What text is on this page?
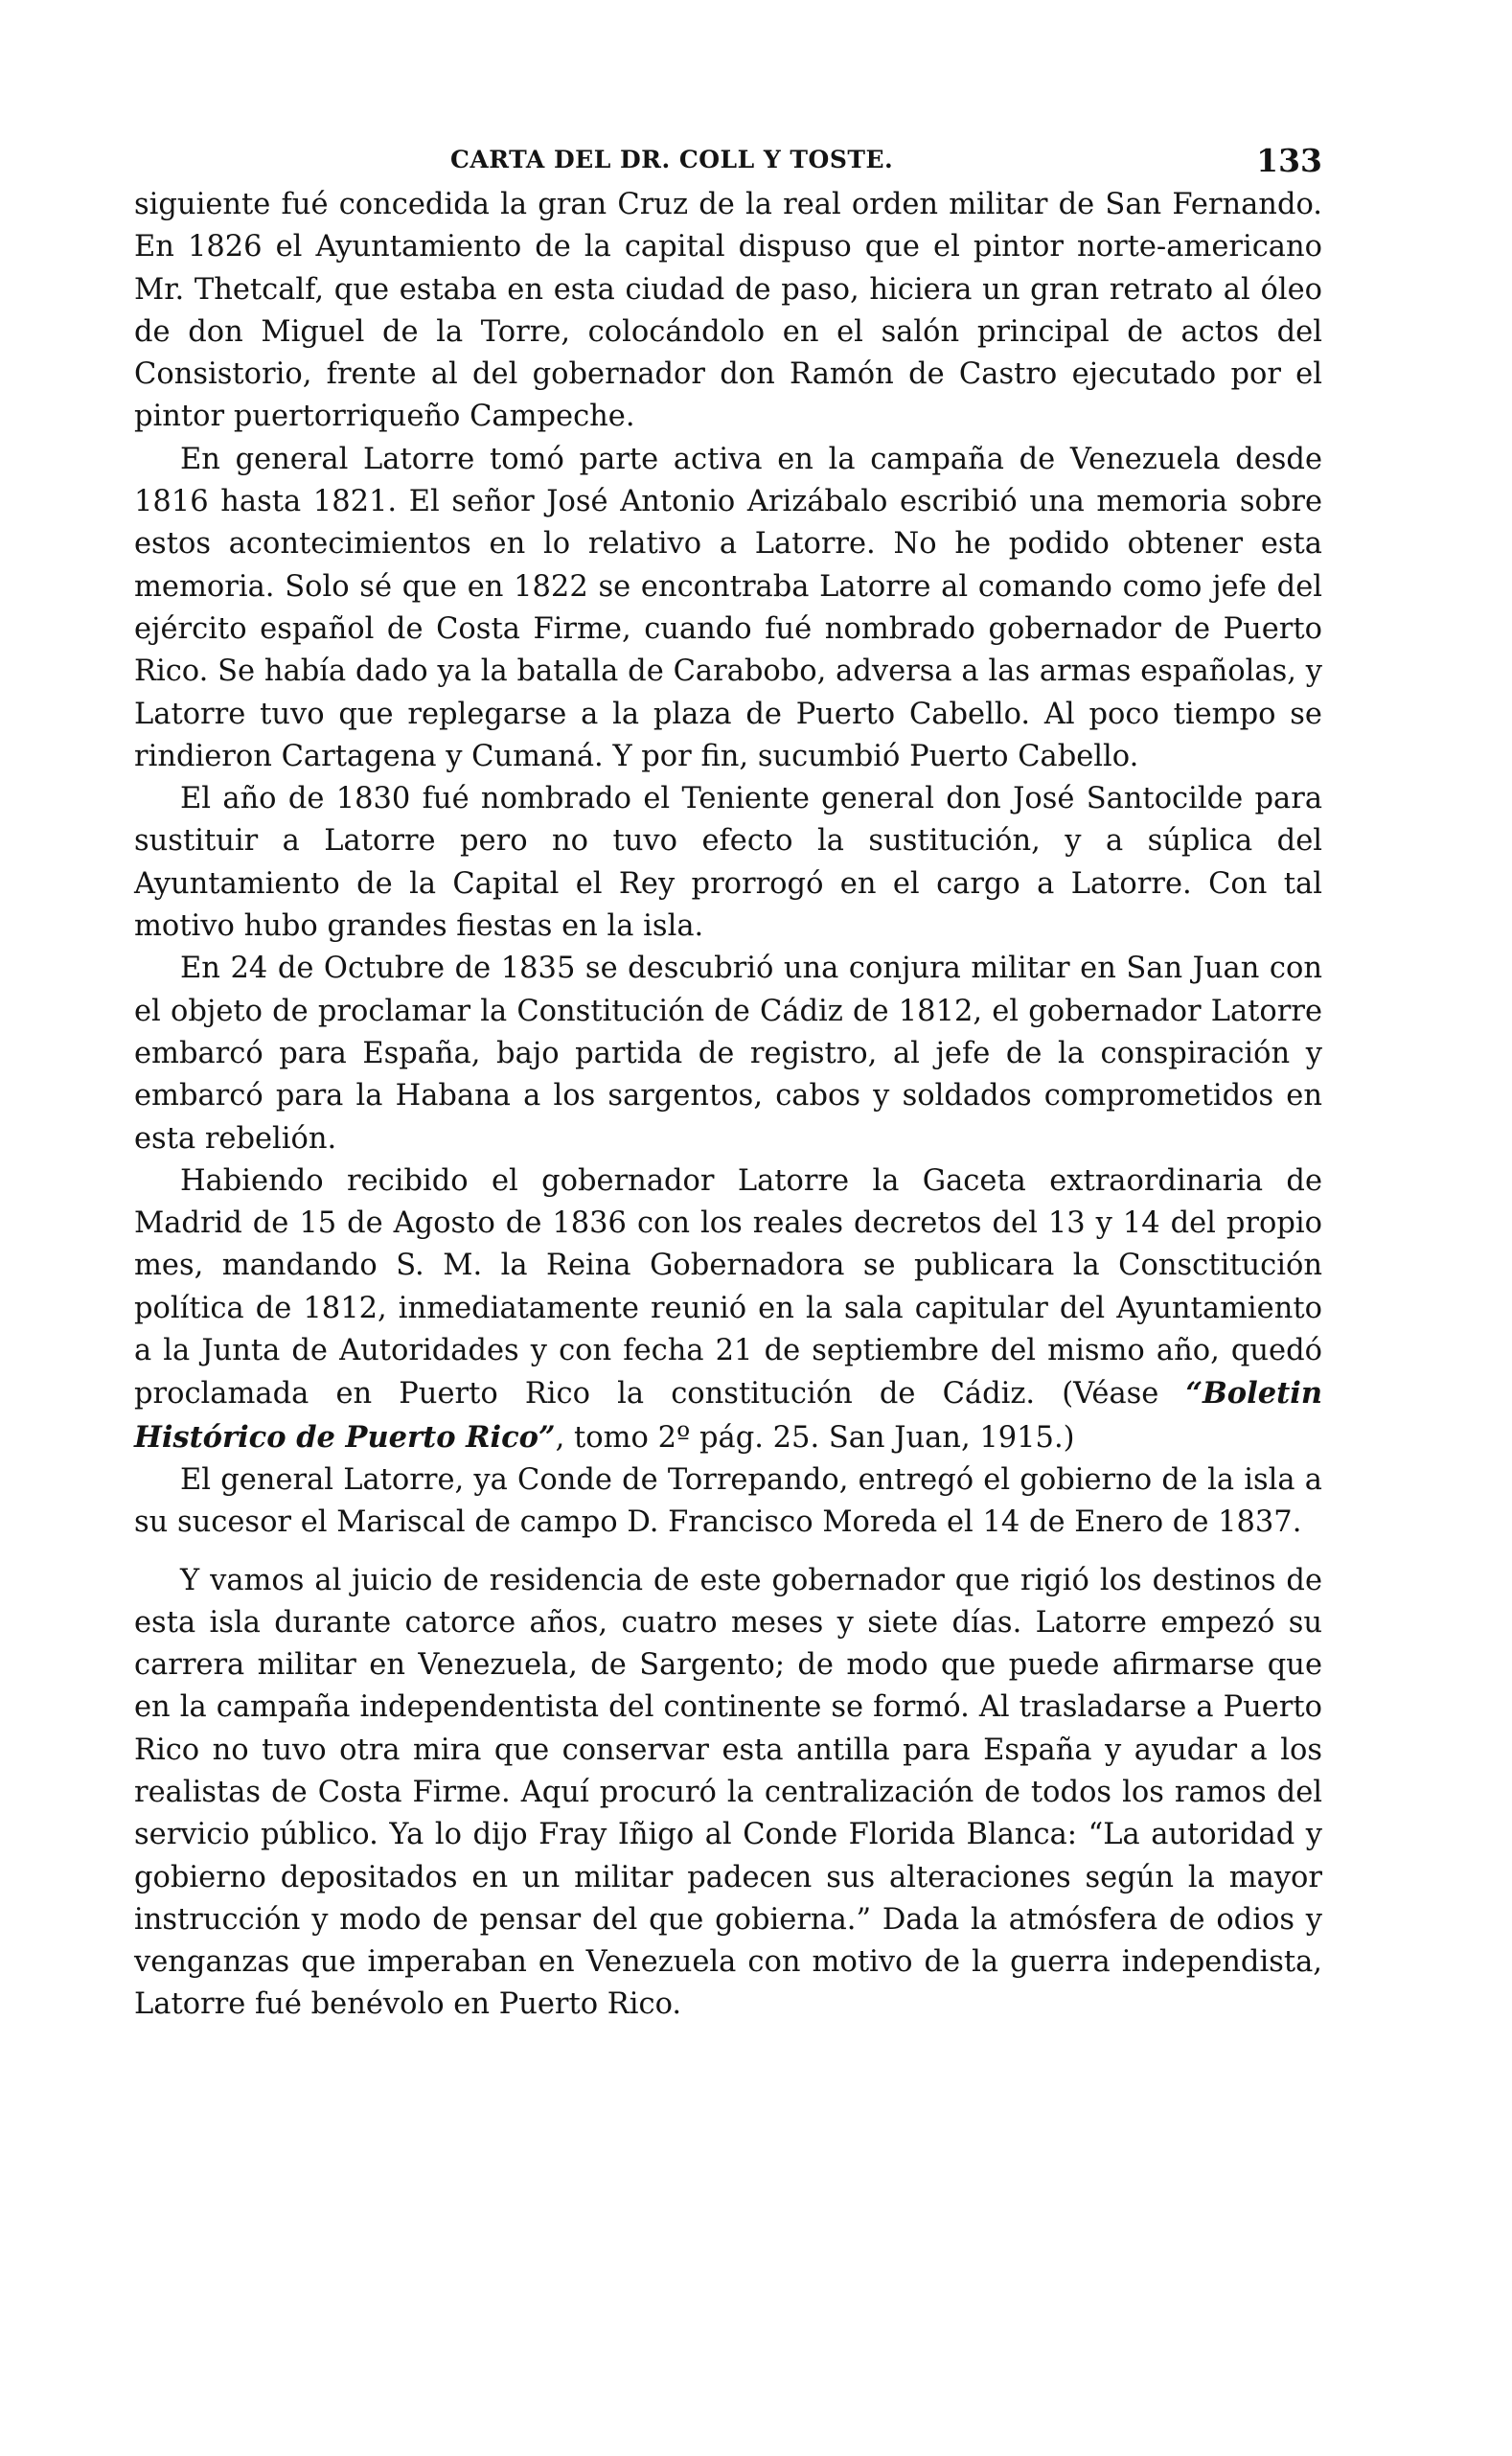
CARTA DEL DR. COLL Y TOSTE.	133

siguiente fué concedida la gran Cruz de la real orden militar de San Fernando. En 1826 el Ayuntamiento de la capital dispuso que el pintor norte-americano Mr. Thetcalf, que estaba en esta ciudad de paso, hiciera un gran retrato al óleo de don Miguel de la Torre, colocándolo en el salón principal de actos del Consistorio, frente al del gobernador don Ramón de Castro ejecutado por el pintor puertorriqueño Campeche.

En general Latorre tomó parte activa en la campaña de Venezuela desde 1816 hasta 1821. El señor José Antonio Arizábalo escribió una memoria sobre estos acontecimientos en lo relativo a Latorre. No he podido obtener esta memoria. Solo sé que en 1822 se encontraba Latorre al comando como jefe del ejército español de Costa Firme, cuando fué nombrado gobernador de Puerto Rico. Se había dado ya la batalla de Carabobo, adversa a las armas españolas, y Latorre tuvo que replegarse a la plaza de Puerto Cabello. Al poco tiempo se rindieron Cartagena y Cumaná. Y por fin, sucumbió Puerto Cabello.

El año de 1830 fué nombrado el Teniente general don José Santocilde para sustituir a Latorre pero no tuvo efecto la sustitución, y a súplica del Ayuntamiento de la Capital el Rey prorrogó en el cargo a Latorre. Con tal motivo hubo grandes fiestas en la isla.

En 24 de Octubre de 1835 se descubrió una conjura militar en San Juan con el objeto de proclamar la Constitución de Cádiz de 1812, el gobernador Latorre embarcó para España, bajo partida de registro, al jefe de la conspiración y embarcó para la Habana a los sargentos, cabos y soldados comprometidos en esta rebelión.

Habiendo recibido el gobernador Latorre la Gaceta extraordinaria de Madrid de 15 de Agosto de 1836 con los reales decretos del 13 y 14 del propio mes, mandando S. M. la Reina Gobernadora se publicara la Consctitución política de 1812, inmediatamente reunió en la sala capitular del Ayuntamiento a la Junta de Autoridades y con fecha 21 de septiembre del mismo año, quedó proclamada en Puerto Rico la constitución de Cádiz. (Véase “Boletin Histórico de Puerto Rico”, tomo 2º pág. 25. San Juan, 1915.)

El general Latorre, ya Conde de Torrepando, entregó el gobierno de la isla a su sucesor el Mariscal de campo D. Francisco Moreda el 14 de Enero de 1837.

Y vamos al juicio de residencia de este gobernador que rigió los destinos de esta isla durante catorce años, cuatro meses y siete días. Latorre empezó su carrera militar en Venezuela, de Sargento; de modo que puede afirmarse que en la campaña independentista del continente se formó. Al trasladarse a Puerto Rico no tuvo otra mira que conservar esta antilla para España y ayudar a los realistas de Costa Firme. Aquí procuró la centralización de todos los ramos del servicio público. Ya lo dijo Fray Iñigo al Conde Florida Blanca: “La autoridad y gobierno depositados en un militar padecen sus alteraciones según la mayor instrucción y modo de pensar del que gobierna.” Dada la atmósfera de odios y venganzas que imperaban en Venezuela con motivo de la guerra independista, Latorre fué benévolo en Puerto Rico.
